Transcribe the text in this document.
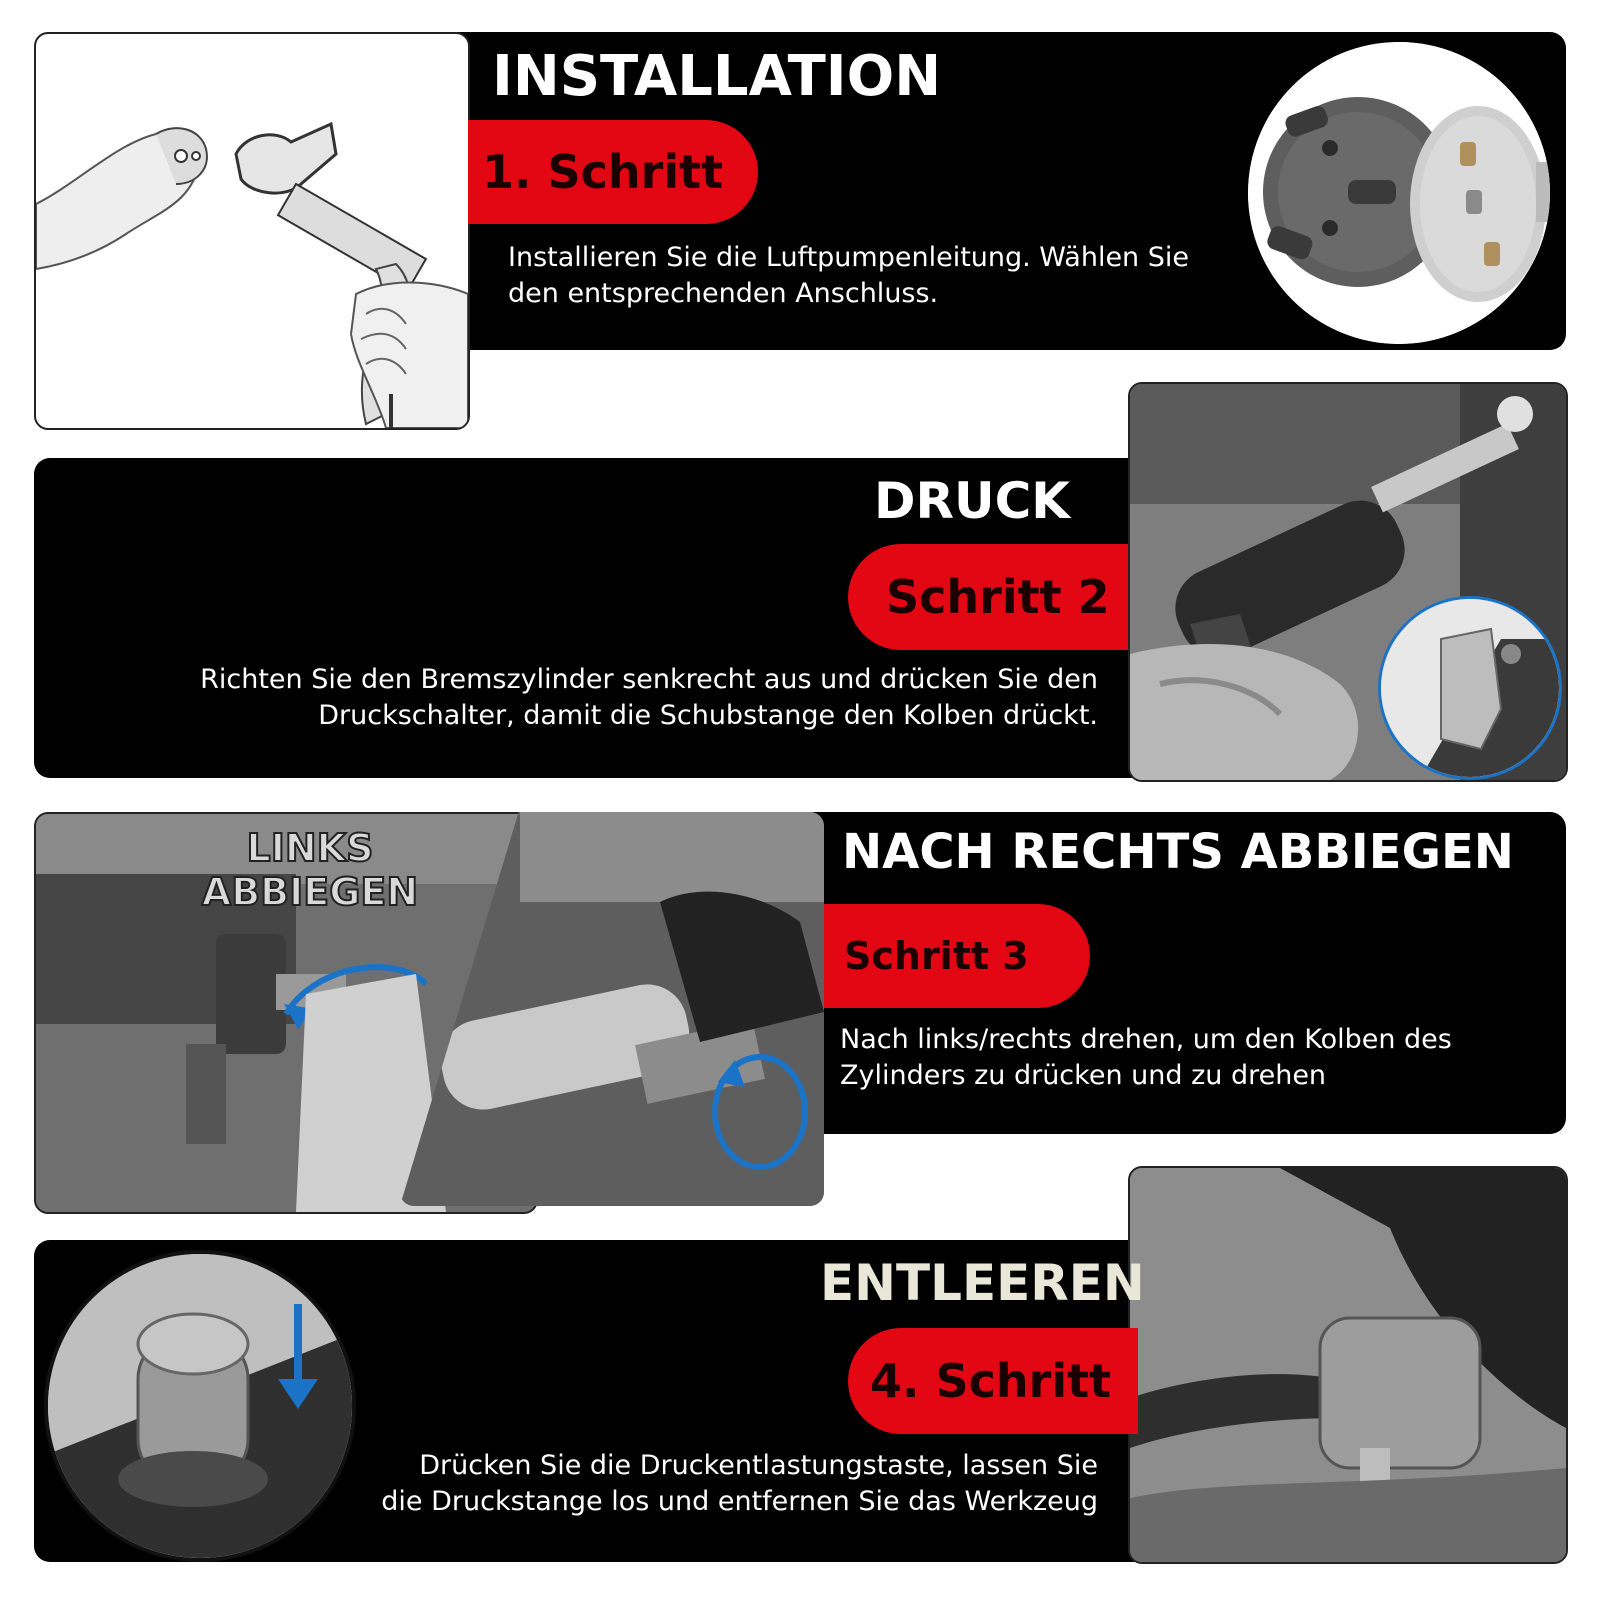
INSTALLATION
1. Schritt
Installieren Sie die Luftpumpenleitung. Wählen Sie
den entsprechenden Anschluss.
DRUCK
Schritt 2
Richten Sie den Bremszylinder senkrecht aus und drücken Sie den
Druckschalter, damit die Schubstange den Kolben drückt.
LINKS
ABBIEGEN
NACH RECHTS ABBIEGEN
Schritt 3
Nach links/rechts drehen, um den Kolben des
Zylinders zu drücken und zu drehen
ENTLEEREN
4. Schritt
Drücken Sie die Druckentlastungstaste, lassen Sie
die Druckstange los und entfernen Sie das Werkzeug
